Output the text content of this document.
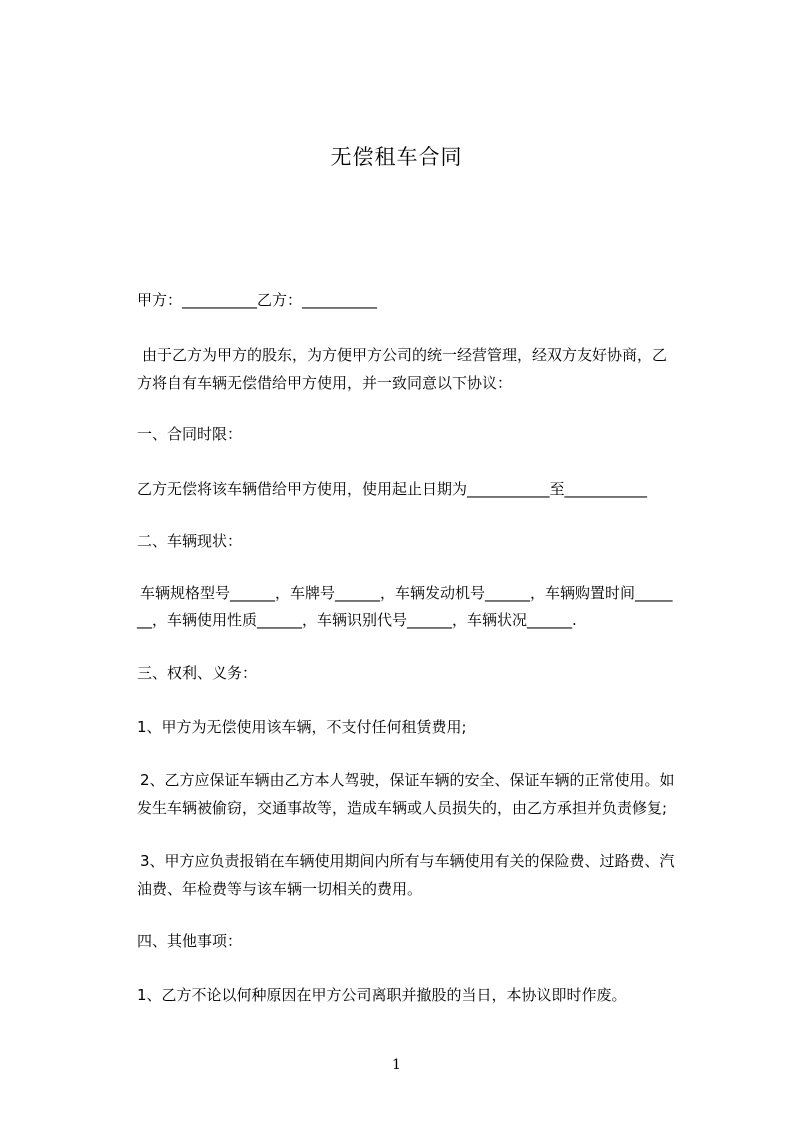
无偿租车合同
甲方：__________乙方：__________
由于乙方为甲方的股东，为方便甲方公司的统一经营管理，经双方友好协商，乙
方将自有车辆无偿借给甲方使用，并一致同意以下协议：
一、合同时限：
乙方无偿将该车辆借给甲方使用，使用起止日期为___________至___________
二、车辆现状：
车辆规格型号______，车牌号______，车辆发动机号______，车辆购置时间_____
__，车辆使用性质______，车辆识别代号______，车辆状况______.
三、权利、义务：
1、甲方为无偿使用该车辆，不支付任何租赁费用;
2、乙方应保证车辆由乙方本人驾驶，保证车辆的安全、保证车辆的正常使用。如
发生车辆被偷窃，交通事故等，造成车辆或人员损失的，由乙方承担并负责修复;
3、甲方应负责报销在车辆使用期间内所有与车辆使用有关的保险费、过路费、汽
油费、年检费等与该车辆一切相关的费用。
四、其他事项：
1、乙方不论以何种原因在甲方公司离职并撤股的当日，本协议即时作废。
1
